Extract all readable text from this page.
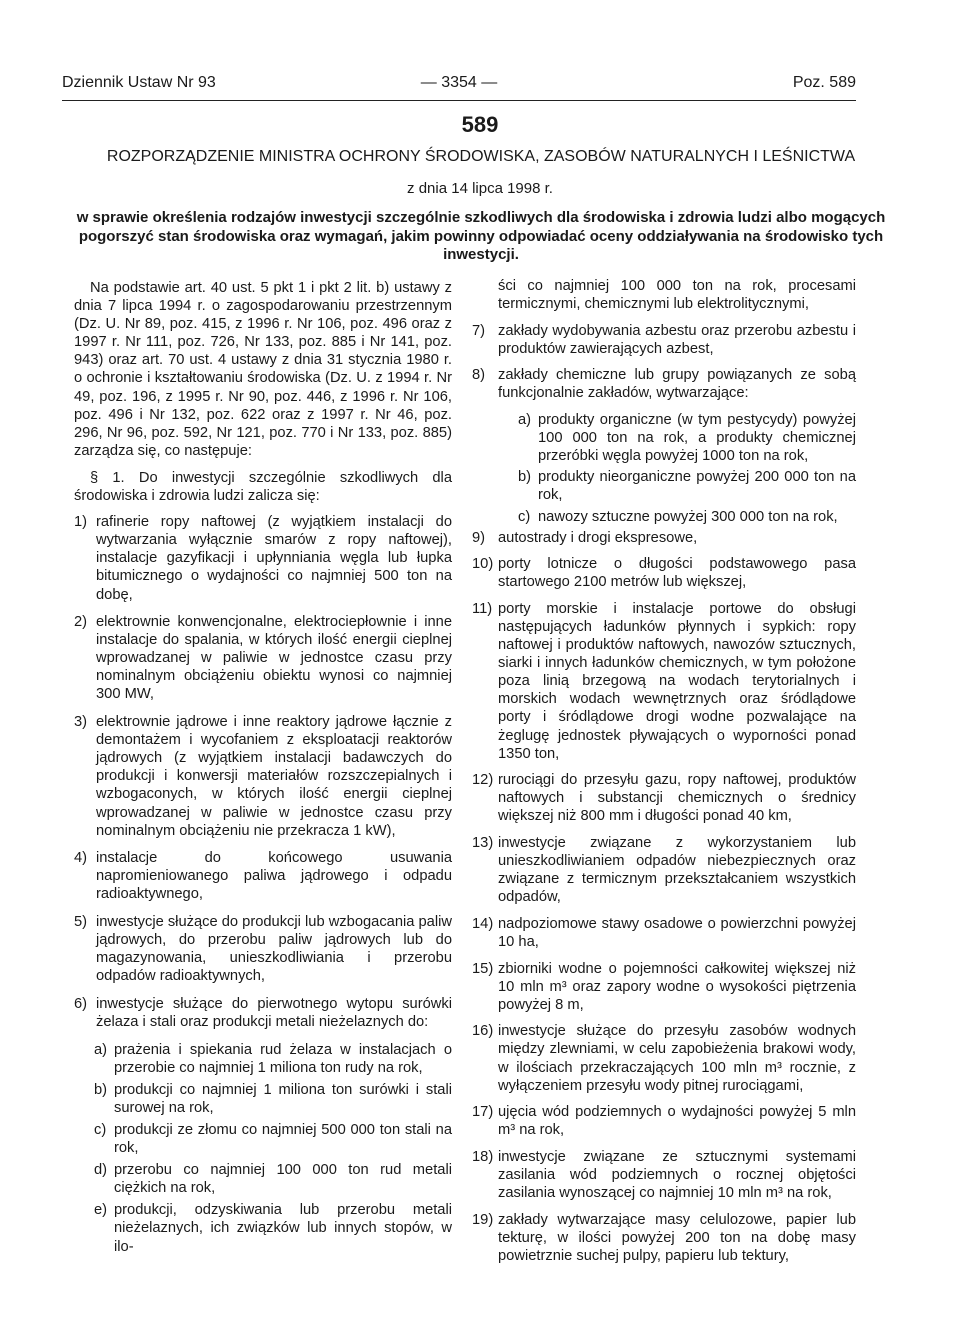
Dziennik Ustaw Nr 93	— 3354 —	Poz. 589
589
ROZPORZĄDZENIE MINISTRA OCHRONY ŚRODOWISKA, ZASOBÓW NATURALNYCH I LEŚNICTWA
z dnia 14 lipca 1998 r.
w sprawie określenia rodzajów inwestycji szczególnie szkodliwych dla środowiska i zdrowia ludzi albo mogących pogorszyć stan środowiska oraz wymagań, jakim powinny odpowiadać oceny oddziaływania na środowisko tych inwestycji.

Na podstawie art. 40 ust. 5 pkt 1 i pkt 2 lit. b) ustawy z dnia 7 lipca 1994 r. o zagospodarowaniu przestrzennym (Dz. U. Nr 89, poz. 415, z 1996 r. Nr 106, poz. 496 oraz z 1997 r. Nr 111, poz. 726, Nr 133, poz. 885 i Nr 141, poz. 943) oraz art. 70 ust. 4 ustawy z dnia 31 stycznia 1980 r. o ochronie i kształtowaniu środowiska (Dz. U. z 1994 r. Nr 49, poz. 196, z 1995 r. Nr 90, poz. 446, z 1996 r. Nr 106, poz. 496 i Nr 132, poz. 622 oraz z 1997 r. Nr 46, poz. 296, Nr 96, poz. 592, Nr 121, poz. 770 i Nr 133, poz. 885) zarządza się, co następuje:

§ 1. Do inwestycji szczególnie szkodliwych dla środowiska i zdrowia ludzi zalicza się:

1) rafinerie ropy naftowej (z wyjątkiem instalacji do wytwarzania wyłącznie smarów z ropy naftowej), instalacje gazyfikacji i upłynniania węgla lub łupka bitumicznego o wydajności co najmniej 500 ton na dobę,
2) elektrownie konwencjonalne, elektrociepłownie i inne instalacje do spalania, w których ilość energii cieplnej wprowadzanej w paliwie w jednostce czasu przy nominalnym obciążeniu obiektu wynosi co najmniej 300 MW,
3) elektrownie jądrowe i inne reaktory jądrowe łącznie z demontażem i wycofaniem z eksploatacji reaktorów jądrowych (z wyjątkiem instalacji badawczych do produkcji i konwersji materiałów rozszczepialnych i wzbogaconych, w których ilość energii cieplnej wprowadzanej w paliwie w jednostce czasu przy nominalnym obciążeniu nie przekracza 1 kW),
4) instalacje do końcowego usuwania napromieniowanego paliwa jądrowego i odpadu radioaktywnego,
5) inwestycje służące do produkcji lub wzbogacania paliw jądrowych, do przerobu paliw jądrowych lub do magazynowania, unieszkodliwiania i przerobu odpadów radioaktywnych,
6) inwestycje służące do pierwotnego wytopu surówki żelaza i stali oraz produkcji metali nieżelaznych do:
a) prażenia i spiekania rud żelaza w instalacjach o przerobie co najmniej 1 miliona ton rudy na rok,
b) produkcji co najmniej 1 miliona ton surówki i stali surowej na rok,
c) produkcji ze złomu co najmniej 500 000 ton stali na rok,
d) przerobu co najmniej 100 000 ton rud metali ciężkich na rok,
e) produkcji, odzyskiwania lub przerobu metali nieżelaznych, ich związków lub innych stopów, w ilo-
ści co najmniej 100 000 ton na rok, procesami termicznymi, chemicznymi lub elektrolitycznymi,
7) zakłady wydobywania azbestu oraz przerobu azbestu i produktów zawierających azbest,
8) zakłady chemiczne lub grupy powiązanych ze sobą funkcjonalnie zakładów, wytwarzające:
a) produkty organiczne (w tym pestycydy) powyżej 100 000 ton na rok, a produkty chemicznej przeróbki węgla powyżej 1000 ton na rok,
b) produkty nieorganiczne powyżej 200 000 ton na rok,
c) nawozy sztuczne powyżej 300 000 ton na rok,
9) autostrady i drogi ekspresowe,
10) porty lotnicze o długości podstawowego pasa startowego 2100 metrów lub większej,
11) porty morskie i instalacje portowe do obsługi następujących ładunków płynnych i sypkich: ropy naftowej i produktów naftowych, nawozów sztucznych, siarki i innych ładunków chemicznych, w tym położone poza linią brzegową na wodach terytorialnych i morskich wodach wewnętrznych oraz śródlądowe porty i śródlądowe drogi wodne pozwalające na żeglugę jednostek pływających o wyporności ponad 1350 ton,
12) rurociągi do przesyłu gazu, ropy naftowej, produktów naftowych i substancji chemicznych o średnicy większej niż 800 mm i długości ponad 40 km,
13) inwestycje związane z wykorzystaniem lub unieszkodliwianiem odpadów niebezpiecznych oraz związane z termicznym przekształcaniem wszystkich odpadów,
14) nadpoziomowe stawy osadowe o powierzchni powyżej 10 ha,
15) zbiorniki wodne o pojemności całkowitej większej niż 10 mln m³ oraz zapory wodne o wysokości piętrzenia powyżej 8 m,
16) inwestycje służące do przesyłu zasobów wodnych między zlewniami, w celu zapobieżenia brakowi wody, w ilościach przekraczających 100 mln m³ rocznie, z wyłączeniem przesyłu wody pitnej rurociągami,
17) ujęcia wód podziemnych o wydajności powyżej 5 mln m³ na rok,
18) inwestycje związane ze sztucznymi systemami zasilania wód podziemnych o rocznej objętości zasilania wynoszącej co najmniej 10 mln m³ na rok,
19) zakłady wytwarzające masy celulozowe, papier lub tekturę, w ilości powyżej 200 ton na dobę masy powietrznie suchej pulpy, papieru lub tektury,
